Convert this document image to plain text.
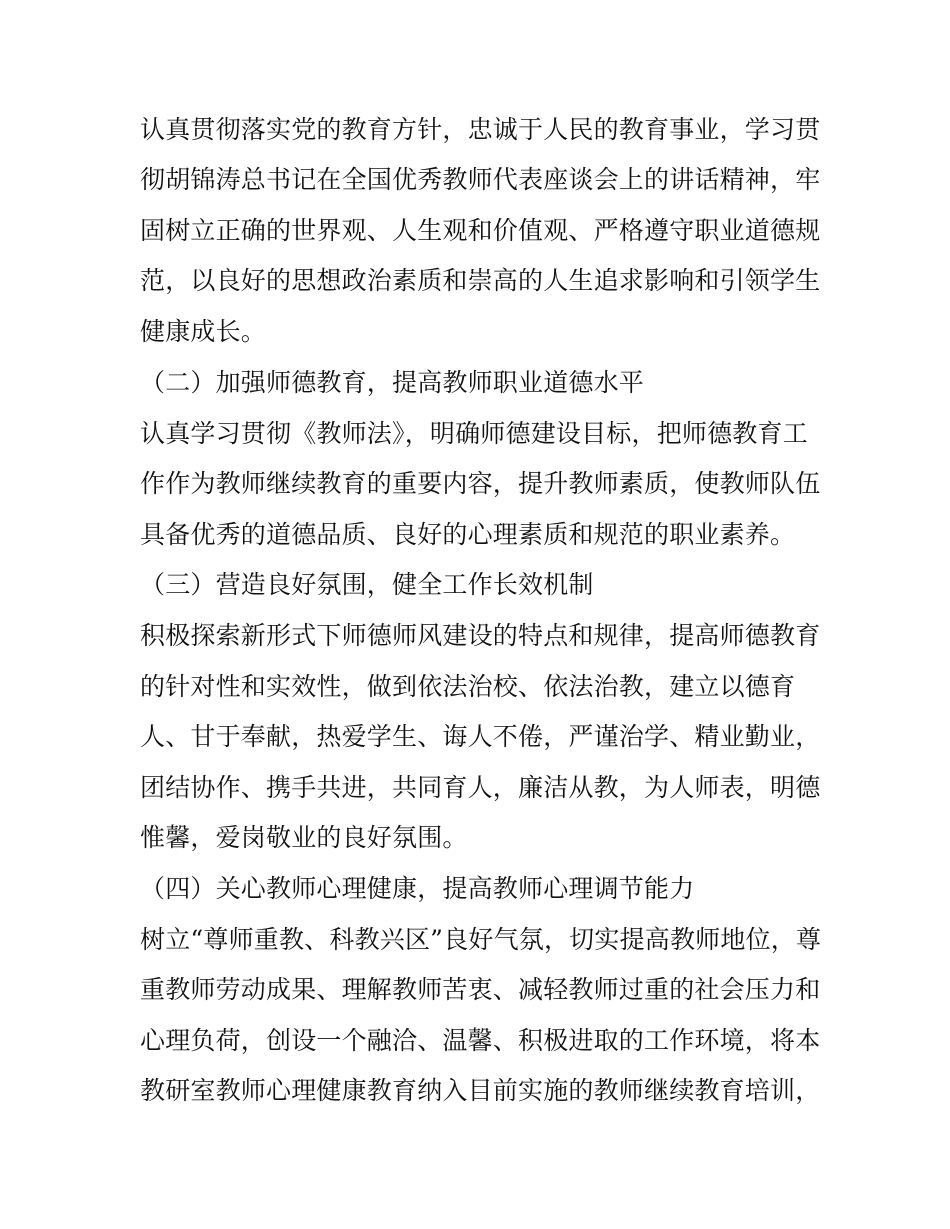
认真贯彻落实党的教育方针，忠诚于人民的教育事业，学习贯
彻胡锦涛总书记在全国优秀教师代表座谈会上的讲话精神，牢
固树立正确的世界观、人生观和价值观、严格遵守职业道德规
范，以良好的思想政治素质和崇高的人生追求影响和引领学生
健康成长。
（二）加强师德教育，提高教师职业道德水平
认真学习贯彻《教师法》，明确师德建设目标，把师德教育工
作作为教师继续教育的重要内容，提升教师素质，使教师队伍
具备优秀的道德品质、良好的心理素质和规范的职业素养。
（三）营造良好氛围，健全工作长效机制
积极探索新形式下师德师风建设的特点和规律，提高师德教育
的针对性和实效性，做到依法治校、依法治教，建立以德育
人、甘于奉献，热爱学生、诲人不倦，严谨治学、精业勤业，
团结协作、携手共进，共同育人，廉洁从教，为人师表，明德
惟馨，爱岗敬业的良好氛围。
（四）关心教师心理健康，提高教师心理调节能力
树立“尊师重教、科教兴区”良好气氛，切实提高教师地位，尊
重教师劳动成果、理解教师苦衷、减轻教师过重的社会压力和
心理负荷，创设一个融洽、温馨、积极进取的工作环境，将本
教研室教师心理健康教育纳入目前实施的教师继续教育培训，
